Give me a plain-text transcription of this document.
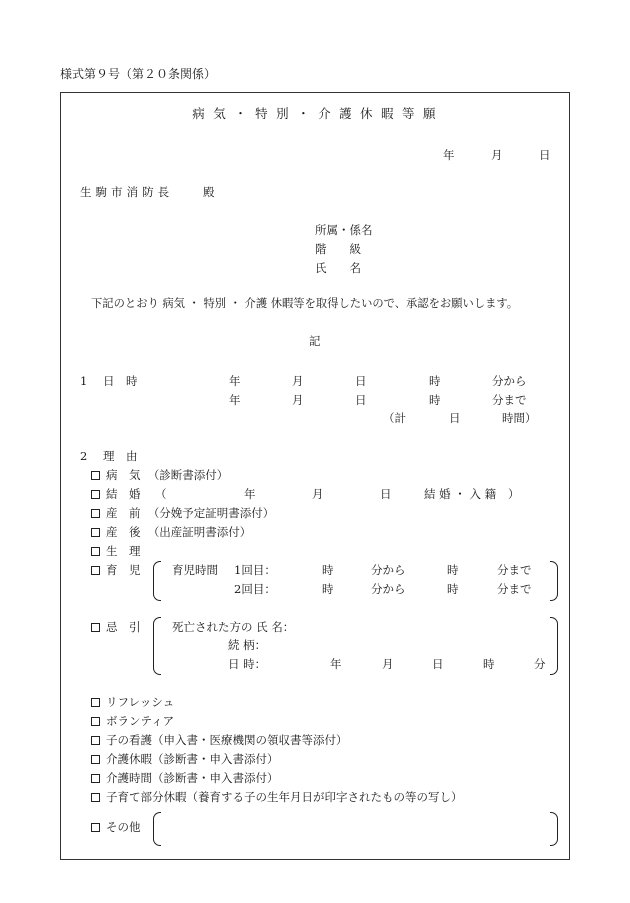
様式第９号（第２０条関係）
病 気 ・ 特 別 ・ 介 護 休 暇 等 願
年	月	日
生駒市消防長	殿
所属・係名
階　　級
氏　　名
下記のとおり 病気 ・ 特別 ・ 介護 休暇等を取得したいので、承認をお願いします。
記
1 日　時	年	月	日	時	分から
年	月	日	時	分まで
（計	日	時間）
2 理　由
病　気 （診断書添付）
結　婚 （	年	月	日	結 婚 ・ 入 籍 ）
産　前 （分娩予定証明書添付）
産　後 （出産証明書添付）
生　理
育　児	育児時間 1回目：	時	分から	時	分まで
2回目：	時	分から	時	分まで
忌　引	死亡された方の 氏 名：
続 柄：
日 時：	年	月	日	時	分
リフレッシュ
ボランティア
子の看護（申入書・医療機関の領収書等添付）
介護休暇（診断書・申入書添付）
介護時間（診断書・申入書添付）
子育て部分休暇（養育する子の生年月日が印字されたもの等の写し）
その他
